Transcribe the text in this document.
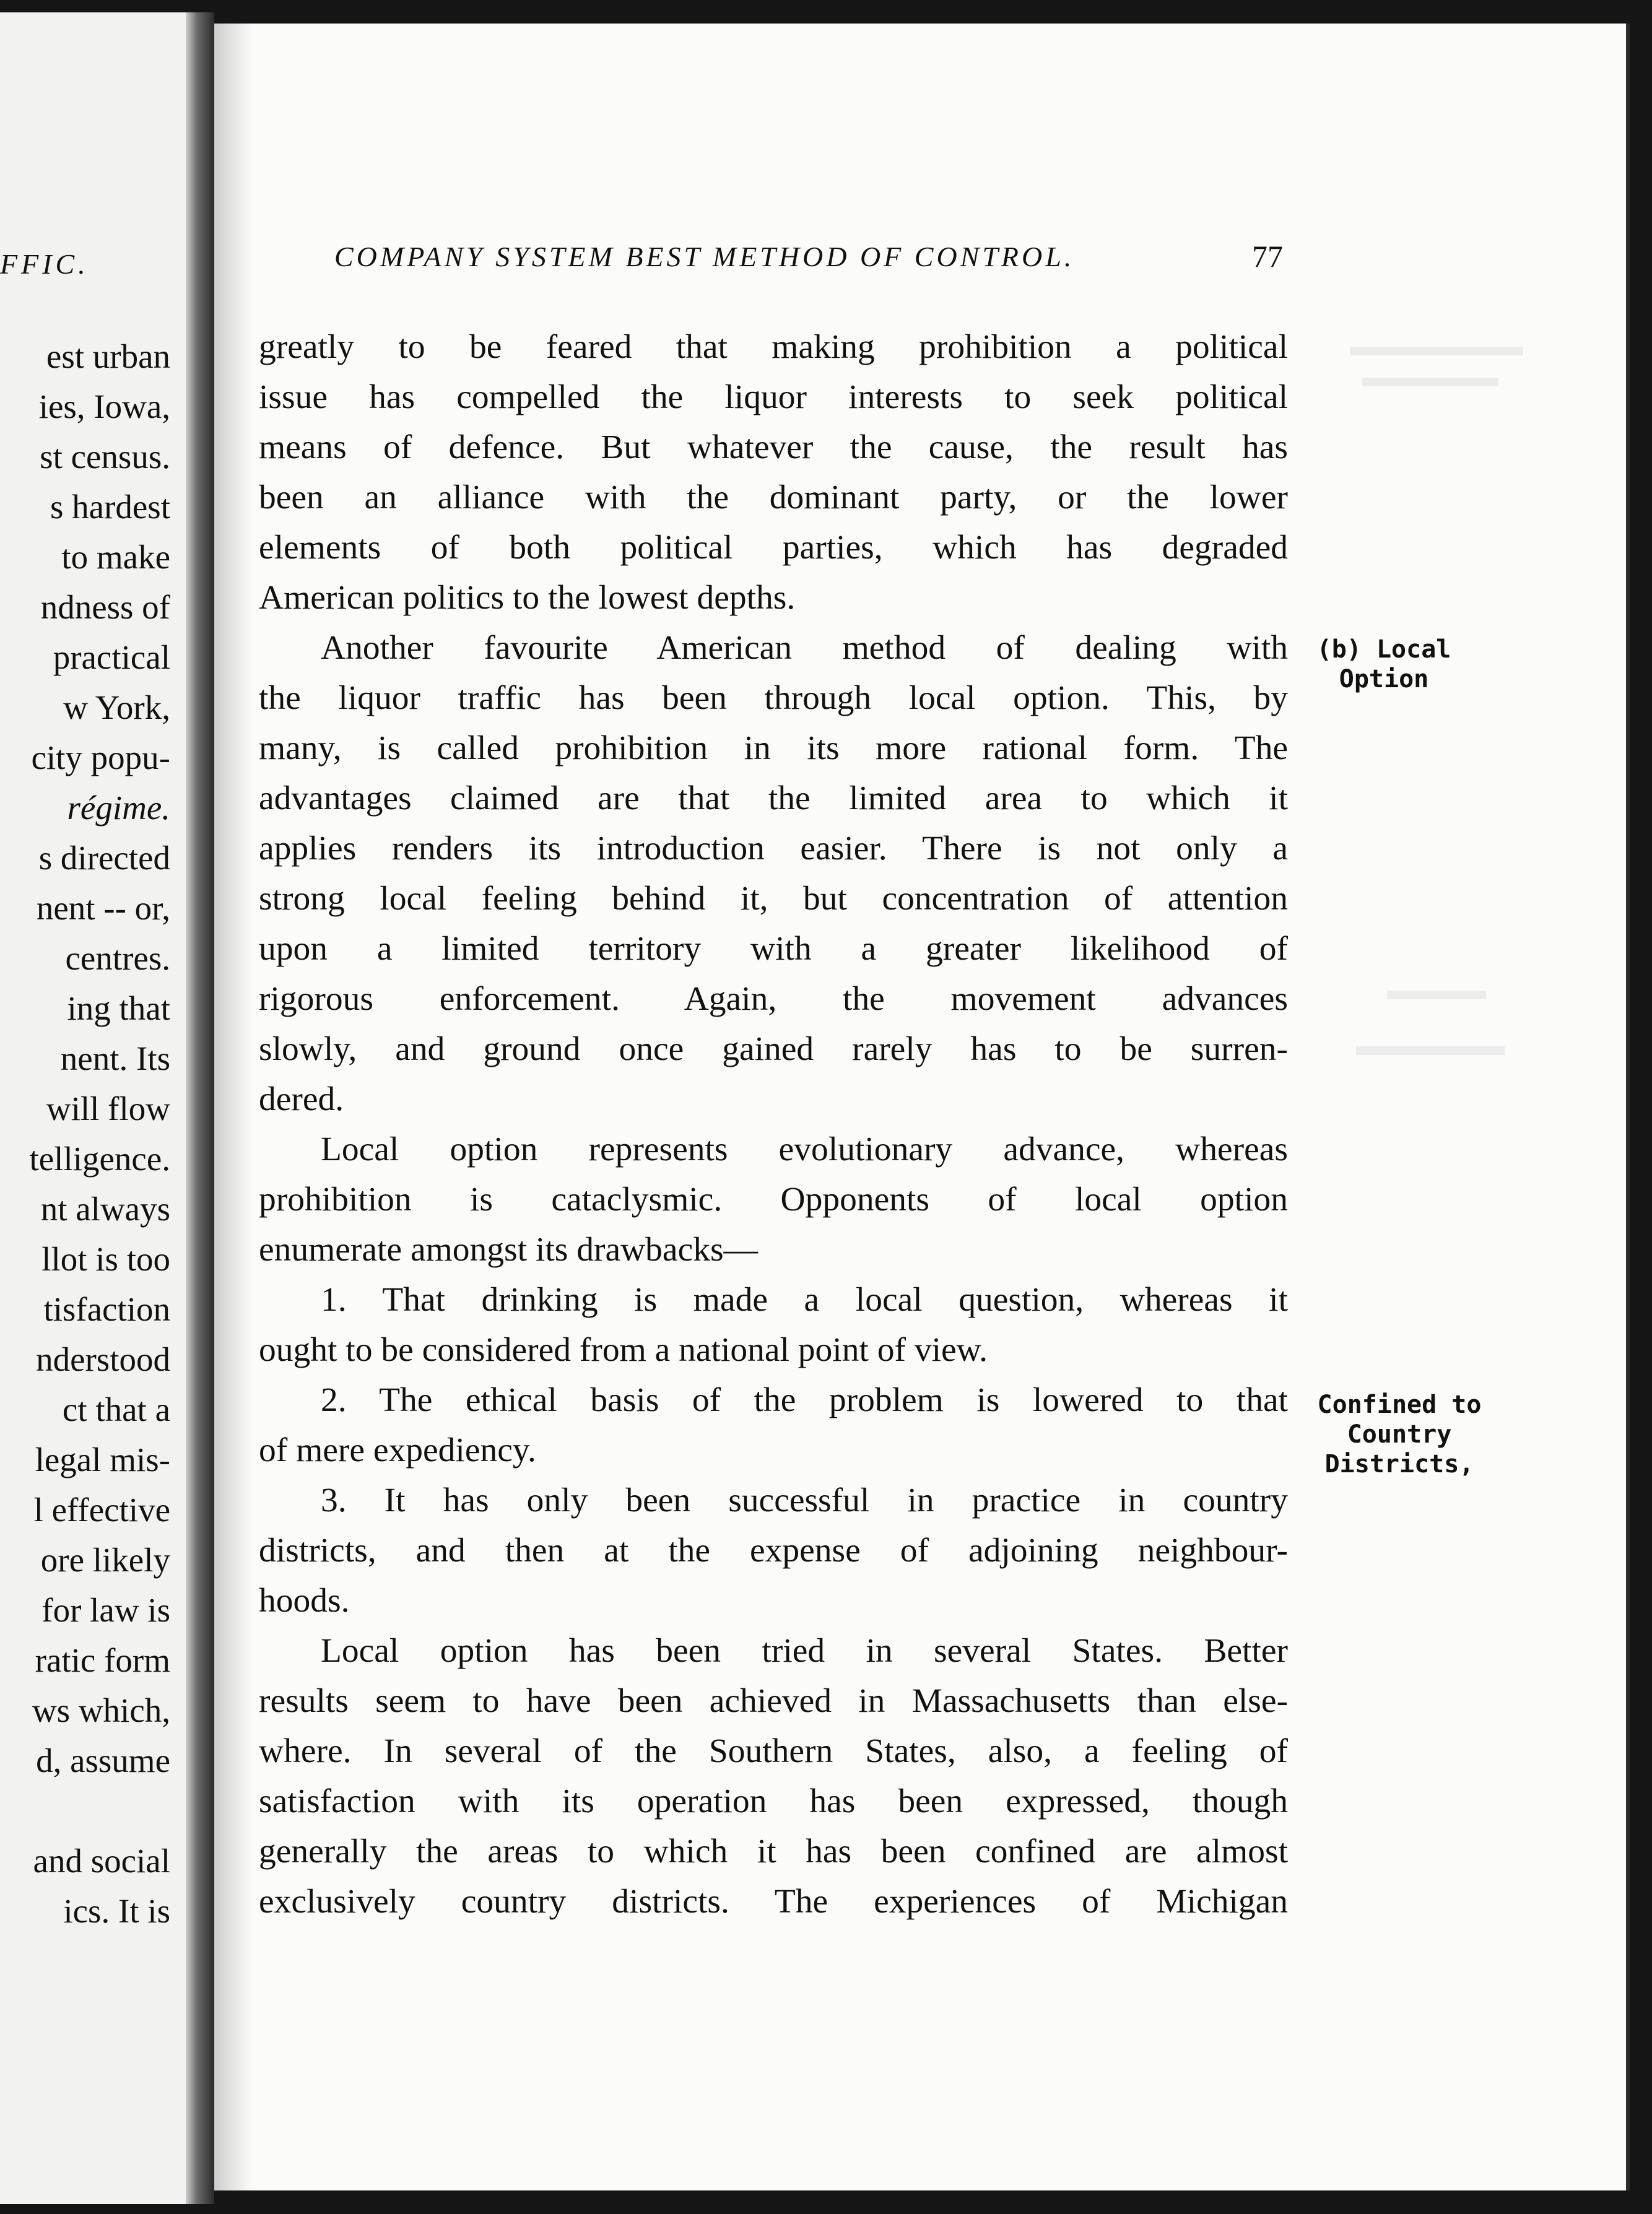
FFIC.
est urban
ies, Iowa,
st census.
s hardest
to make
ndness of
practical
w York,
city popu-
régime.
s directed
nent -- or,
centres.
ing that
nent. Its
will flow
telligence.
nt always
llot is too
tisfaction
nderstood
ct that a
legal mis-
l effective
ore likely
for law is
ratic form
ws which,
d, assume
and social
ics. It is
COMPANY SYSTEM BEST METHOD OF CONTROL.	77
(b) Local
Option
Confined to
Country
Districts,
greatly to be feared that making prohibition a political
issue has compelled the liquor interests to seek political
means of defence. But whatever the cause, the result has
been an alliance with the dominant party, or the lower
elements of both political parties, which has degraded
American politics to the lowest depths.
Another favourite American method of dealing with
the liquor traffic has been through local option. This, by
many, is called prohibition in its more rational form. The
advantages claimed are that the limited area to which it
applies renders its introduction easier. There is not only a
strong local feeling behind it, but concentration of attention
upon a limited territory with a greater likelihood of
rigorous enforcement. Again, the movement advances
slowly, and ground once gained rarely has to be surren-
dered.
Local option represents evolutionary advance, whereas
prohibition is cataclysmic. Opponents of local option
enumerate amongst its drawbacks—
1. That drinking is made a local question, whereas it
ought to be considered from a national point of view.
2. The ethical basis of the problem is lowered to that
of mere expediency.
3. It has only been successful in practice in country
districts, and then at the expense of adjoining neighbour-
hoods.
Local option has been tried in several States. Better
results seem to have been achieved in Massachusetts than else-
where. In several of the Southern States, also, a feeling of
satisfaction with its operation has been expressed, though
generally the areas to which it has been confined are almost
exclusively country districts. The experiences of Michigan
